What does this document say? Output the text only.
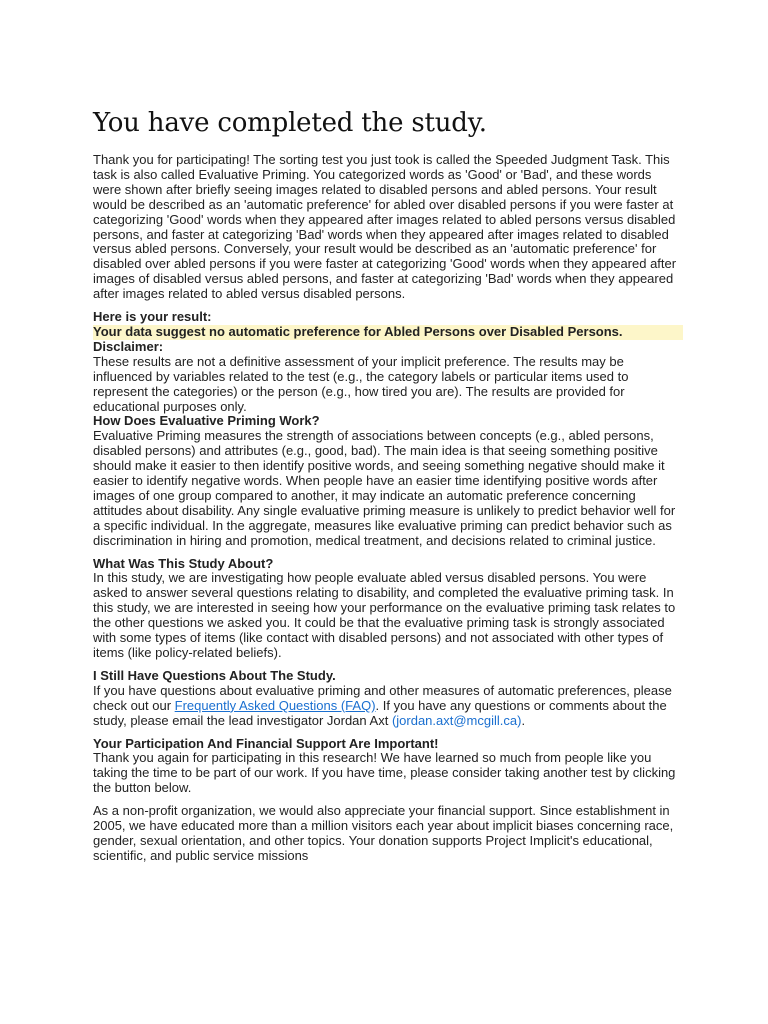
You have completed the study.

Thank you for participating! The sorting test you just took is called the Speeded Judgment Task. This task is also called Evaluative Priming. You categorized words as 'Good' or 'Bad', and these words were shown after briefly seeing images related to disabled persons and abled persons. Your result would be described as an 'automatic preference' for abled over disabled persons if you were faster at categorizing 'Good' words when they appeared after images related to abled persons versus disabled persons, and faster at categorizing 'Bad' words when they appeared after images related to disabled versus abled persons. Conversely, your result would be described as an 'automatic preference' for disabled over abled persons if you were faster at categorizing 'Good' words when they appeared after images of disabled versus abled persons, and faster at categorizing 'Bad' words when they appeared after images related to abled versus disabled persons.

Here is your result:

Your data suggest no automatic preference for Abled Persons over Disabled Persons.

Disclaimer:

These results are not a definitive assessment of your implicit preference. The results may be influenced by variables related to the test (e.g., the category labels or particular items used to represent the categories) or the person (e.g., how tired you are). The results are provided for educational purposes only.

How Does Evaluative Priming Work?

Evaluative Priming measures the strength of associations between concepts (e.g., abled persons, disabled persons) and attributes (e.g., good, bad). The main idea is that seeing something positive should make it easier to then identify positive words, and seeing something negative should make it easier to identify negative words. When people have an easier time identifying positive words after images of one group compared to another, it may indicate an automatic preference concerning attitudes about disability. Any single evaluative priming measure is unlikely to predict behavior well for a specific individual. In the aggregate, measures like evaluative priming can predict behavior such as discrimination in hiring and promotion, medical treatment, and decisions related to criminal justice.

What Was This Study About?

In this study, we are investigating how people evaluate abled versus disabled persons. You were asked to answer several questions relating to disability, and completed the evaluative priming task. In this study, we are interested in seeing how your performance on the evaluative priming task relates to the other questions we asked you. It could be that the evaluative priming task is strongly associated with some types of items (like contact with disabled persons) and not associated with other types of items (like policy-related beliefs).

I Still Have Questions About The Study.

If you have questions about evaluative priming and other measures of automatic preferences, please check out our Frequently Asked Questions (FAQ). If you have any questions or comments about the study, please email the lead investigator Jordan Axt (jordan.axt@mcgill.ca).

Your Participation And Financial Support Are Important!

Thank you again for participating in this research! We have learned so much from people like you taking the time to be part of our work. If you have time, please consider taking another test by clicking the button below.

As a non-profit organization, we would also appreciate your financial support. Since establishment in 2005, we have educated more than a million visitors each year about implicit biases concerning race, gender, sexual orientation, and other topics. Your donation supports Project Implicit's educational, scientific, and public service missions
